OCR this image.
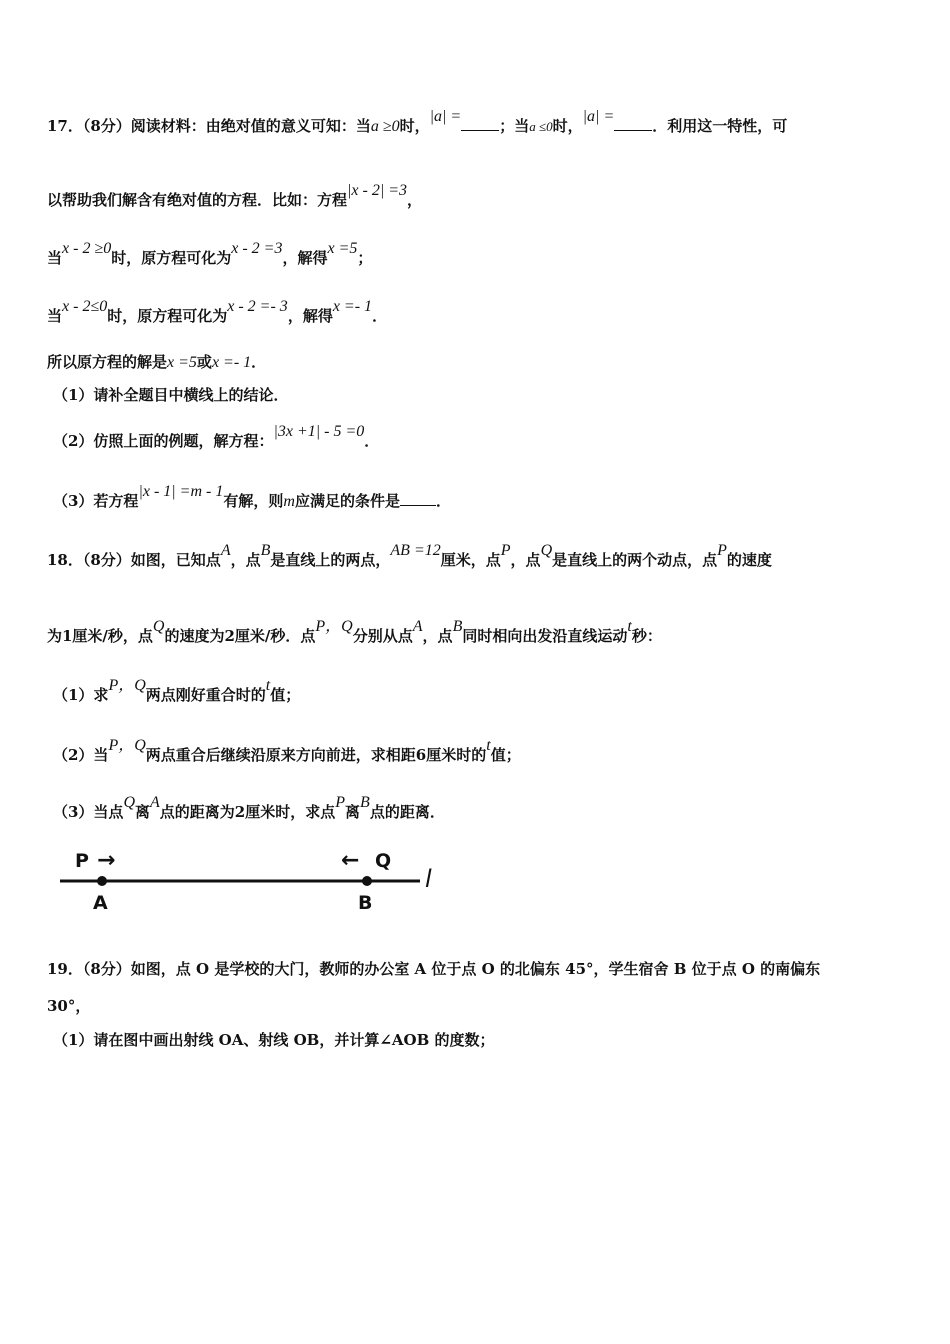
17．（8分）阅读材料：由绝对值的意义可知：当a ≥0时，|a| =；当a ≤0时，|a| =．利用这一特性，可
以帮助我们解含有绝对值的方程．比如：方程|x - 2| =3，
当x - 2 ≥0时，原方程可化为x - 2 =3，解得x =5；
当x - 2≤0时，原方程可化为x - 2 =- 3，解得x =- 1．
所以原方程的解是x =5或x =- 1．
（1）请补全题目中横线上的结论．
（2）仿照上面的例题，解方程：|3x +1| - 5 =0．
（3）若方程|x - 1| =m - 1有解，则m应满足的条件是 ．
18．（8分）如图，已知点A，点B是直线上的两点，AB =12厘米，点P，点Q是直线上的两个动点，点P的速度
为1厘米/秒，点Q的速度为2厘米/秒．点P，Q分别从点A，点B同时相向出发沿直线运动t秒：
（1）求P，Q两点刚好重合时的t值；
（2）当P，Q两点重合后继续沿原来方向前进，求相距6厘米时的t值；
（3）当点Q离A点的距离为2厘米时，求点P离B点的距离．
P →	← Q
A	B
l
19．（8分）如图，点 O 是学校的大门，教师的办公室 A 位于点 O 的北偏东 45°，学生宿舍 B 位于点 O 的南偏东
30°，
（1）请在图中画出射线 OA、射线 OB，并计算∠AOB 的度数；
